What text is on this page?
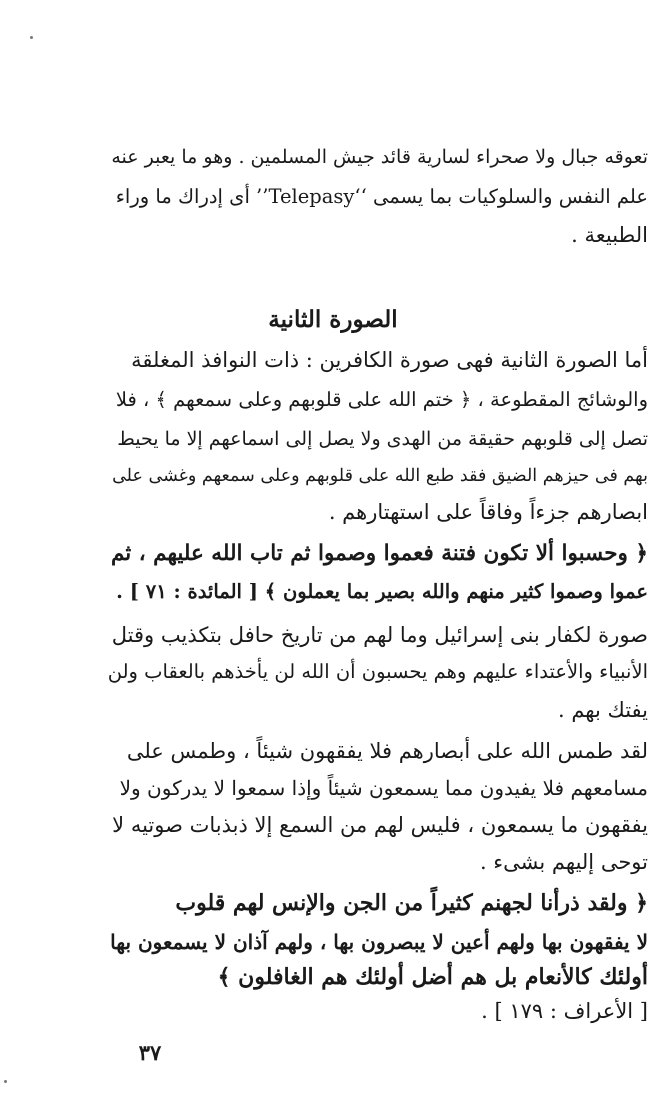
تعوقه جبال ولا صحراء لسارية قائد جيش المسلمين . وهو ما يعبر عنه
علم النفس والسلوكيات بما يسمى ‘‘Telepasy’’ أى إدراك ما وراء
الطبيعة .
أما الصورة الثانية فهى صورة الكافرين : ذات النوافذ المغلقة
والوشائج المقطوعة ، ﴿ ختم الله على قلوبهم وعلى سمعهم ﴾ ، فلا
تصل إلى قلوبهم حقيقة من الهدى ولا يصل إلى اسماعهم إلا ما يحيط
بهم فى حيزهم الضيق فقد طبع الله على قلوبهم وعلى سمعهم وغشى على
ابصارهم جزءاً وفاقاً على استهتارهم .
﴿ وحسبوا ألا تكون فتنة فعموا وصموا ثم تاب الله عليهم ، ثم
عموا وصموا كثير منهم والله بصير بما يعملون ﴾ [ المائدة : ٧١ ] .
صورة لكفار بنى إسرائيل وما لهم من تاريخ حافل بتكذيب وقتل
الأنبياء والأعتداء عليهم وهم يحسبون أن الله لن يأخذهم بالعقاب ولن
يفتك بهم .
لقد طمس الله على أبصارهم فلا يفقهون شيئاً ، وطمس على
مسامعهم فلا يفيدون مما يسمعون شيئاً وإذا سمعوا لا يدركون ولا
يفقهون ما يسمعون ، فليس لهم من السمع إلا ذبذبات صوتيه لا
توحى إليهم بشىء .
﴿ ولقد ذرأنا لجهنم كثيراً من الجن والإنس لهم قلوب
لا يفقهون بها ولهم أعين لا يبصرون بها ، ولهم آذان لا يسمعون بها
أولئك كالأنعام بل هم أضل أولئك هم الغافلون ﴾
[ الأعراف : ١٧٩ ] .
الصورة الثانية
٣٧
